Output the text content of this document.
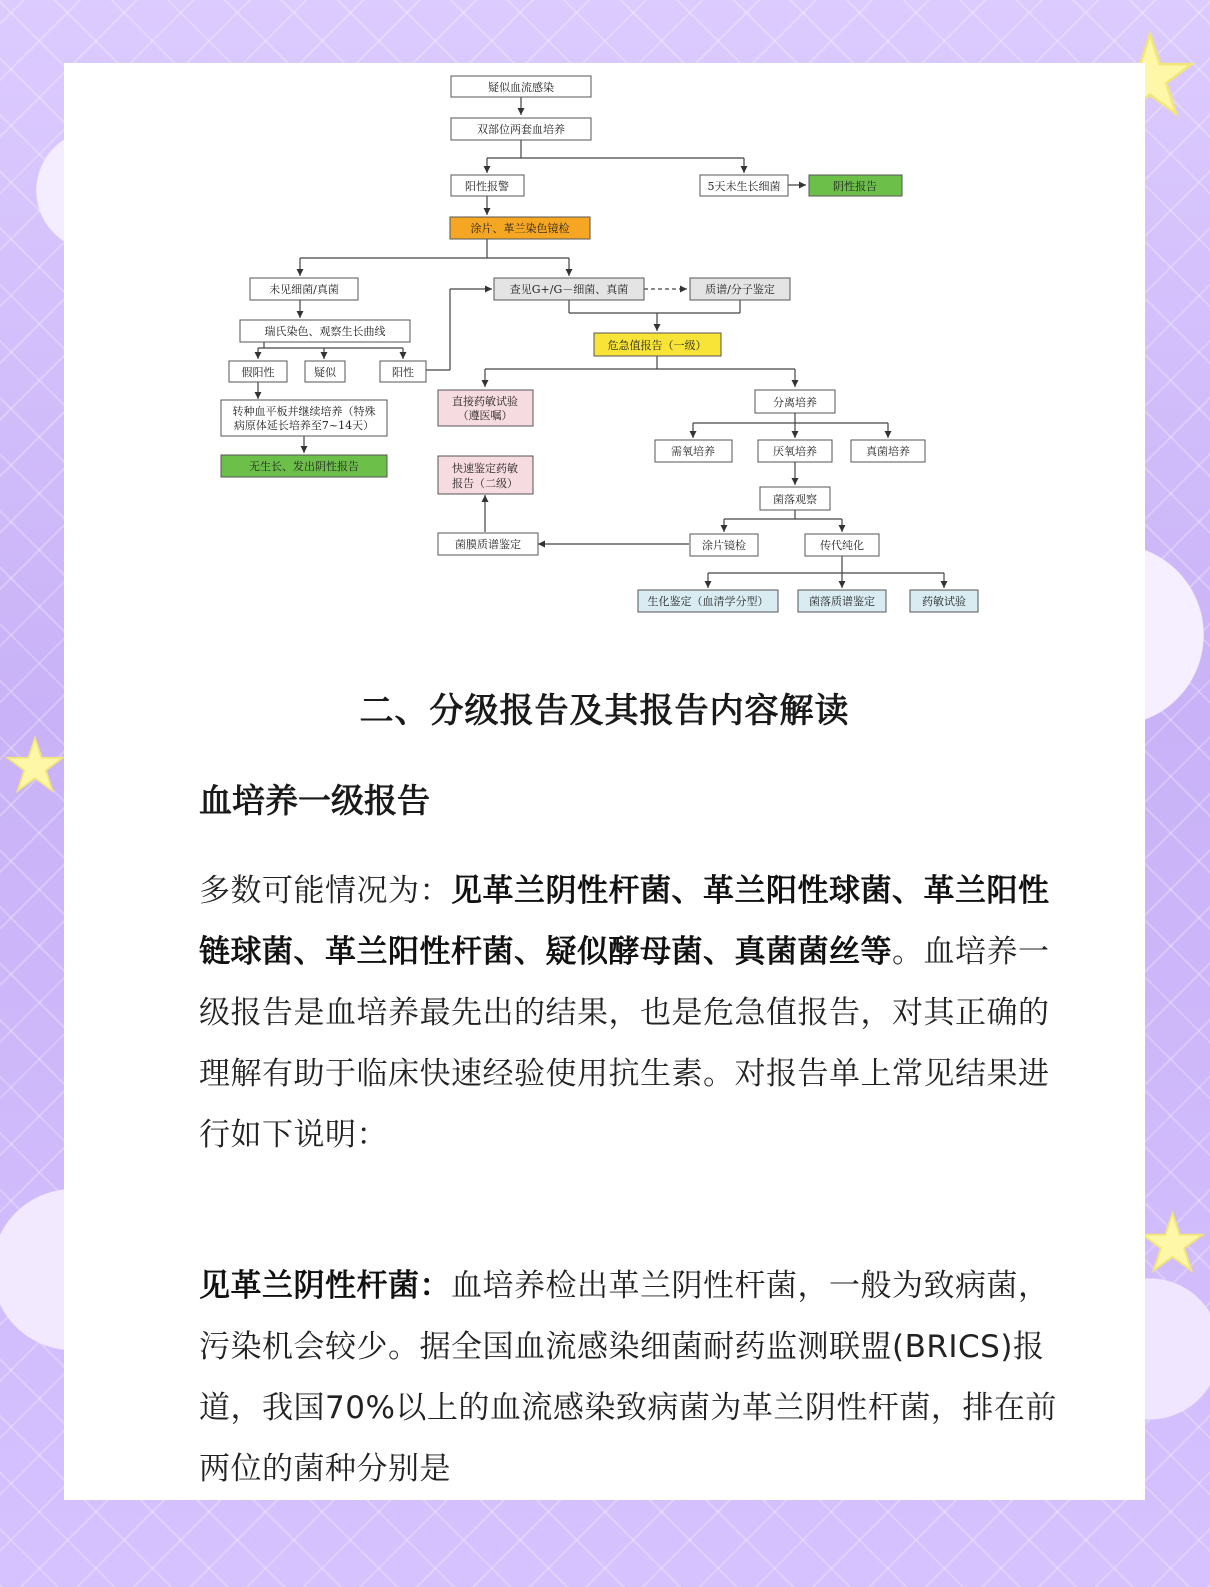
疑似血流感染
双部位两套血培养
阳性报警	5天未生长细菌	阴性报告
涂片、革兰染色镜检
未见细菌/真菌	查见G+/G－细菌、真菌	质谱/分子鉴定
瑞氏染色、观察生长曲线
危急值报告（一级）
假阳性	疑似	阳性
直接药敏试验
（遵医嘱）
分离培养
转种血平板并继续培养（特殊
病原体延长培养至7~14天）
需氧培养	厌氧培养	真菌培养
快速鉴定药敏
报告（二级）
无生长、发出阴性报告
菌落观察
菌膜质谱鉴定	涂片镜检	传代纯化
生化鉴定（血清学分型）	菌落质谱鉴定	药敏试验
二、分级报告及其报告内容解读
血培养一级报告
多数可能情况为：见革兰阴性杆菌、革兰阳性球菌、革兰阳性链球菌、革兰阳性杆菌、疑似酵母菌、真菌菌丝等。血培养一级报告是血培养最先出的结果，也是危急值报告，对其正确的理解有助于临床快速经验使用抗生素。对报告单上常见结果进行如下说明：
见革兰阴性杆菌：血培养检出革兰阴性杆菌，一般为致病菌，污染机会较少。据全国血流感染细菌耐药监测联盟(BRICS)报道，我国70%以上的血流感染致病菌为革兰阴性杆菌，排在前两位的菌种分别是
